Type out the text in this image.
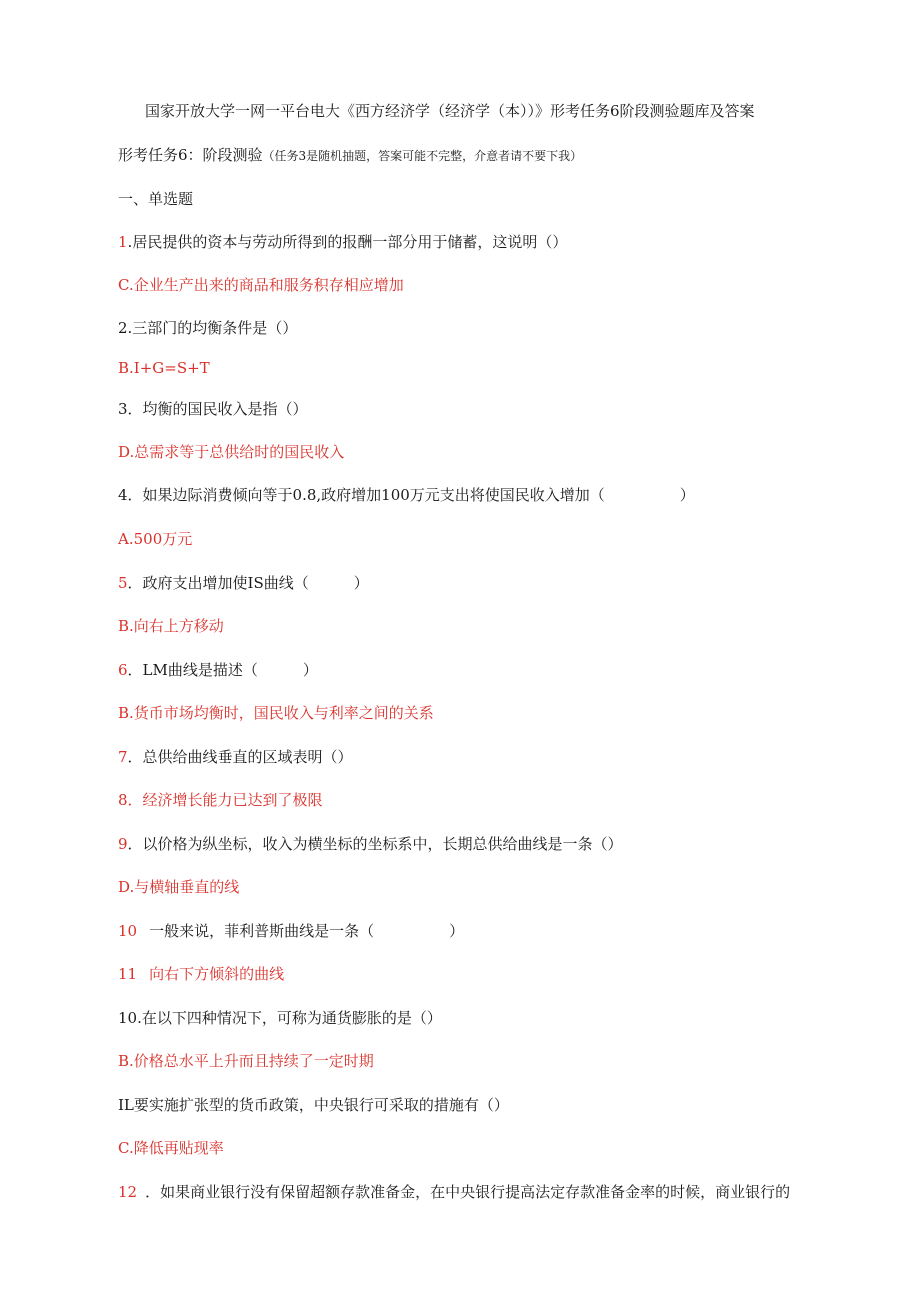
国家开放大学一网一平台电大《西方经济学（经济学（本））》形考任务6阶段测验题库及答案
形考任务6：阶段测验（任务3是随机抽题，答案可能不完整，介意者请不要下我）
一、单选题
1.居民提供的资本与劳动所得到的报酬一部分用于储蓄，这说明（）
C.企业生产出来的商品和服务积存相应增加
2.三部门的均衡条件是（）
B.I+G=S+T
3．均衡的国民收入是指（）
D.总需求等于总供给时的国民收入
4．如果边际消费倾向等于0.8,政府增加100万元支出将使国民收入增加（　　　　　）
A.500万元
5．政府支出增加使IS曲线（　　　）
B.向右上方移动
6．LM曲线是描述（　　　）
B.货币市场均衡时，国民收入与利率之间的关系
7．总供给曲线垂直的区域表明（）
8．经济增长能力已达到了极限
9．以价格为纵坐标，收入为横坐标的坐标系中，长期总供给曲线是一条（）
D.与横轴垂直的线
10 一般来说，菲利普斯曲线是一条（　　　　　）
11 向右下方倾斜的曲线
10.在以下四种情况下，可称为通货膨胀的是（）
B.价格总水平上升而且持续了一定时期
IL要实施扩张型的货币政策，中央银行可采取的措施有（）
C.降低再贴现率
12 ．如果商业银行没有保留超额存款准备金，在中央银行提高法定存款准备金率的时候，商业银行的
